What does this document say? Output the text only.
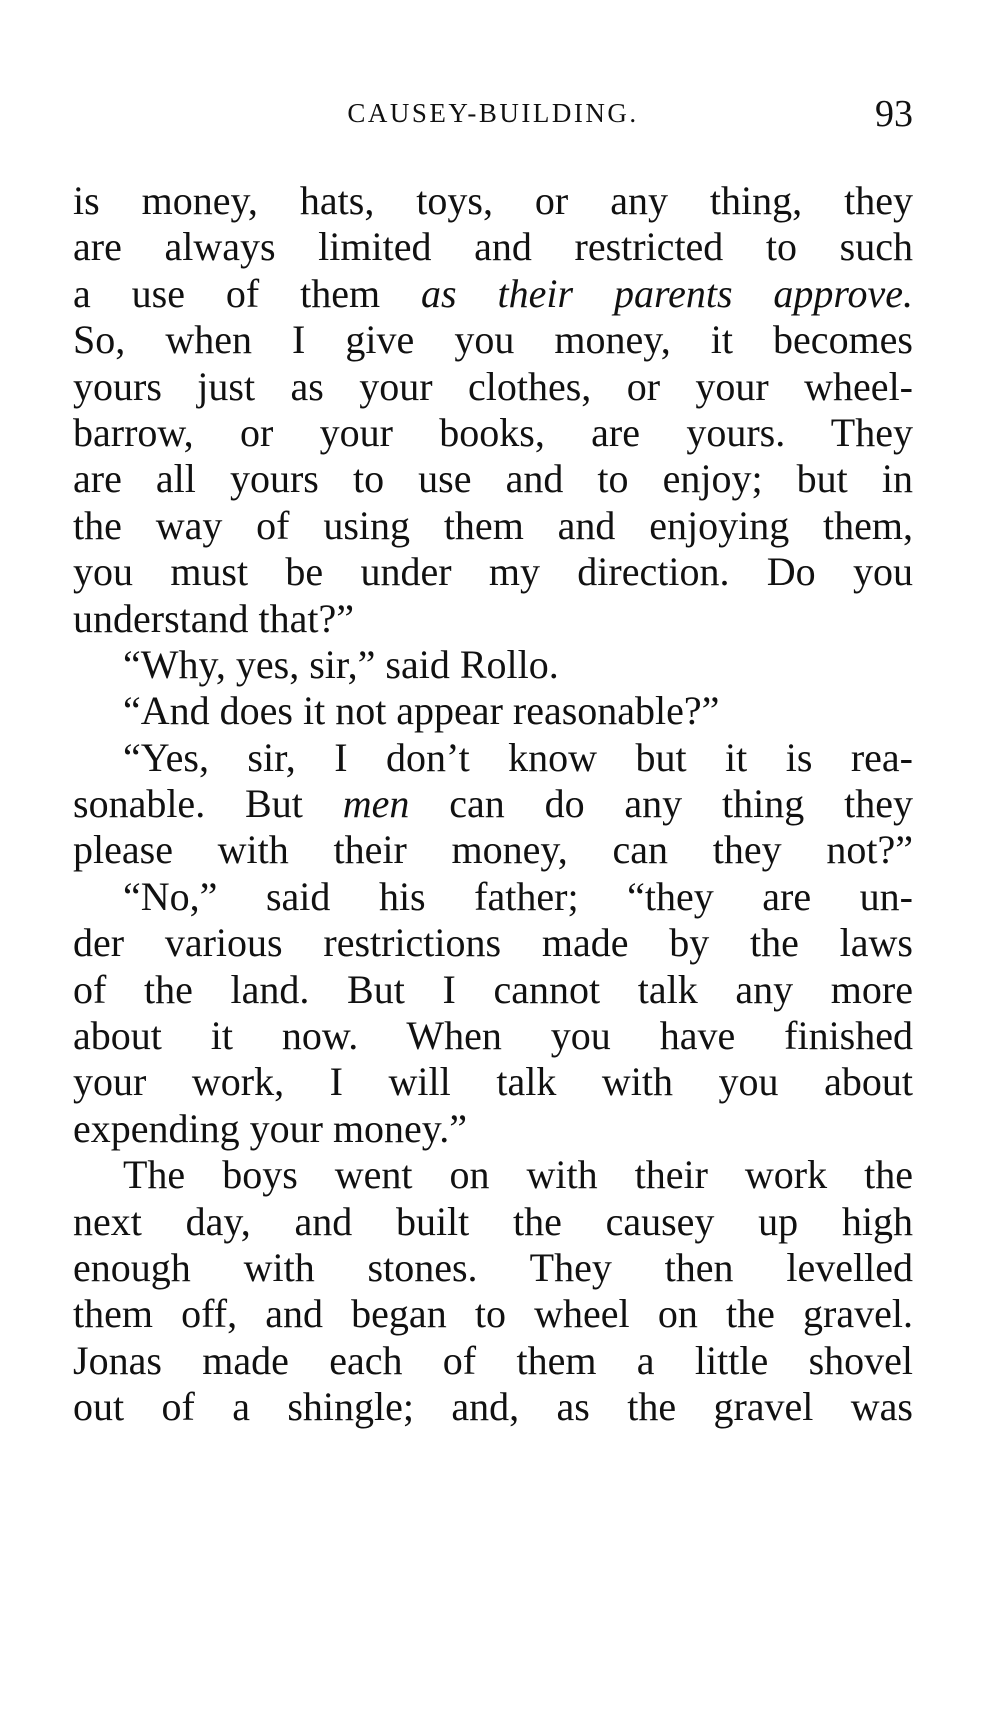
CAUSEY-BUILDING.	93
is money, hats, toys, or any thing, they
are always limited and restricted to such
a use of them as their parents approve.
So, when I give you money, it becomes
yours just as your clothes, or your wheel-
barrow, or your books, are yours. They
are all yours to use and to enjoy; but in
the way of using them and enjoying them,
you must be under my direction. Do you
understand that?”
“Why, yes, sir,” said Rollo.
“And does it not appear reasonable?”
“Yes, sir, I don’t know but it is rea-
sonable. But men can do any thing they
please with their money, can they not?”
“No,” said his father; “they are un-
der various restrictions made by the laws
of the land. But I cannot talk any more
about it now. When you have finished
your work, I will talk with you about
expending your money.”
The boys went on with their work the
next day, and built the causey up high
enough with stones. They then levelled
them off, and began to wheel on the gravel.
Jonas made each of them a little shovel
out of a shingle; and, as the gravel was
